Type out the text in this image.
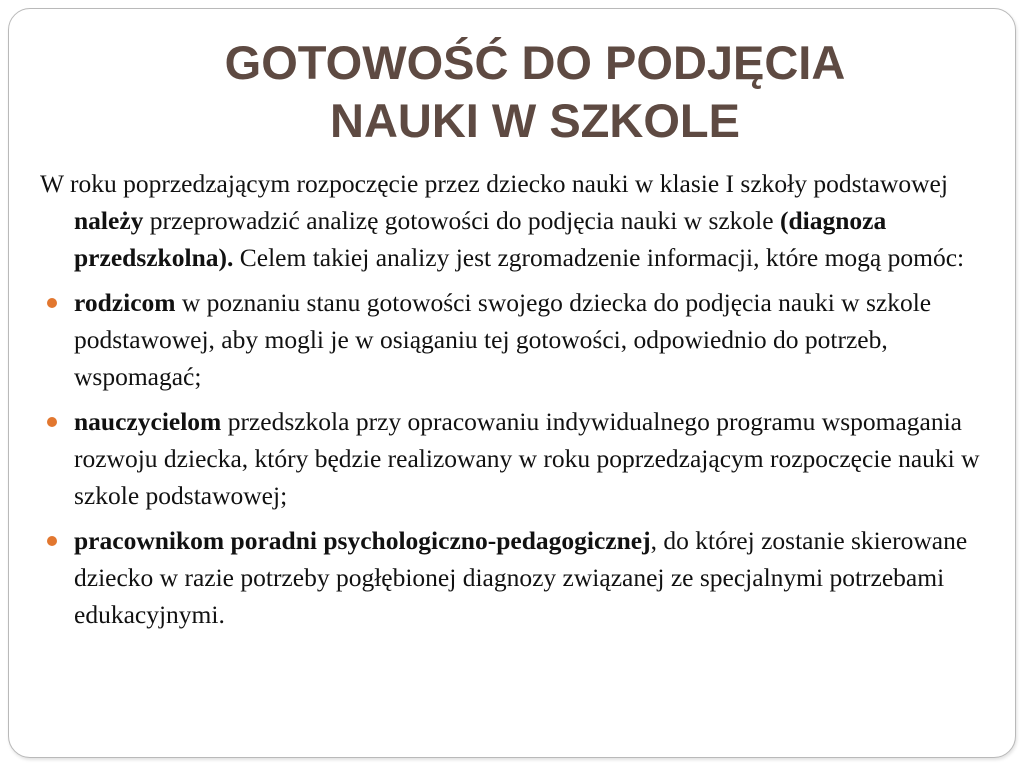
GOTOWOŚĆ DO PODJĘCIA
NAUKI W SZKOLE

W roku poprzedzającym rozpoczęcie przez dziecko nauki w klasie I szkoły podstawowej należy przeprowadzić analizę gotowości do podjęcia nauki w szkole (diagnoza przedszkolna). Celem takiej analizy jest zgromadzenie informacji, które mogą pomóc:

rodzicom w poznaniu stanu gotowości swojego dziecka do podjęcia nauki w szkole podstawowej, aby mogli je w osiąganiu tej gotowości, odpowiednio do potrzeb, wspomagać;
nauczycielom przedszkola przy opracowaniu indywidualnego programu wspomagania rozwoju dziecka, który będzie realizowany w roku poprzedzającym rozpoczęcie nauki w szkole podstawowej;
pracownikom poradni psychologiczno-pedagogicznej, do której zostanie skierowane dziecko w razie potrzeby pogłębionej diagnozy związanej ze specjalnymi potrzebami edukacyjnymi.
